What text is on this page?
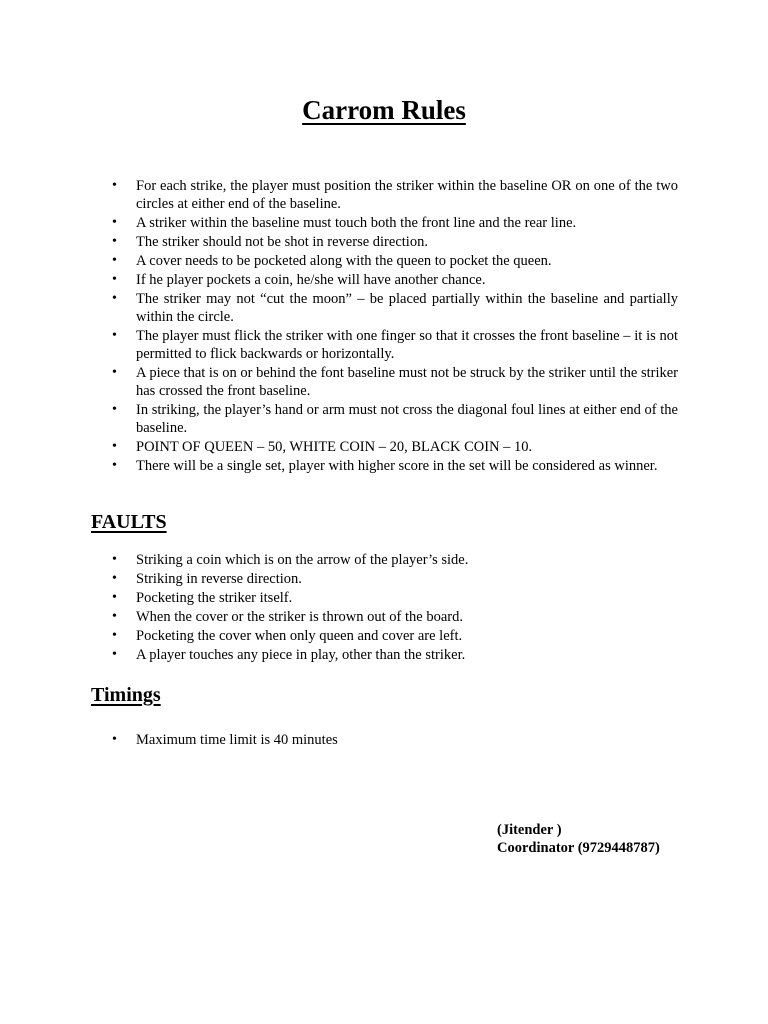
Carrom Rules
• For each strike, the player must position the striker within the baseline OR on one of the two circles at either end of the baseline.
• A striker within the baseline must touch both the front line and the rear line.
• The striker should not be shot in reverse direction.
• A cover needs to be pocketed along with the queen to pocket the queen.
• If he player pockets a coin, he/she will have another chance.
• The striker may not “cut the moon” – be placed partially within the baseline and partially within the circle.
• The player must flick the striker with one finger so that it crosses the front baseline – it is not permitted to flick backwards or horizontally.
• A piece that is on or behind the font baseline must not be struck by the striker until the striker has crossed the front baseline.
• In striking, the player’s hand or arm must not cross the diagonal foul lines at either end of the baseline.
• POINT OF QUEEN – 50, WHITE COIN – 20, BLACK COIN – 10.
• There will be a single set, player with higher score in the set will be considered as winner.
FAULTS
• Striking a coin which is on the arrow of the player’s side.
• Striking in reverse direction.
• Pocketing the striker itself.
• When the cover or the striker is thrown out of the board.
• Pocketing the cover when only queen and cover are left.
• A player touches any piece in play, other than the striker.
Timings
• Maximum time limit is 40 minutes
(Jitender )
Coordinator (9729448787)
